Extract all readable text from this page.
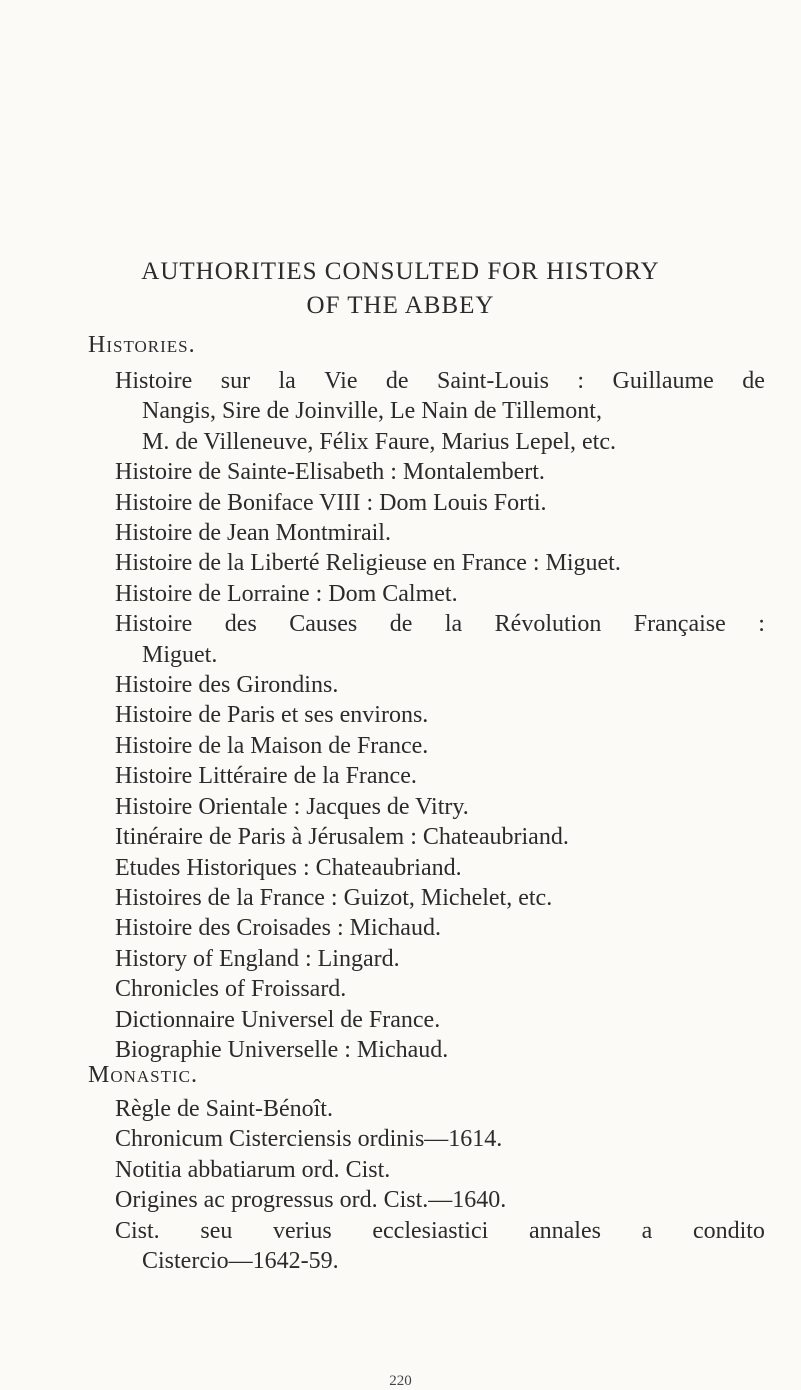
AUTHORITIES CONSULTED FOR HISTORY
OF THE ABBEY
Histories.
Histoire sur la Vie de Saint-Louis : Guillaume de
Nangis, Sire de Joinville, Le Nain de Tillemont,
M. de Villeneuve, Félix Faure, Marius Lepel, etc.
Histoire de Sainte-Elisabeth : Montalembert.
Histoire de Boniface VIII : Dom Louis Forti.
Histoire de Jean Montmirail.
Histoire de la Liberté Religieuse en France : Miguet.
Histoire de Lorraine : Dom Calmet.
Histoire des Causes de la Révolution Française :
Miguet.
Histoire des Girondins.
Histoire de Paris et ses environs.
Histoire de la Maison de France.
Histoire Littéraire de la France.
Histoire Orientale : Jacques de Vitry.
Itinéraire de Paris à Jérusalem : Chateaubriand.
Etudes Historiques : Chateaubriand.
Histoires de la France : Guizot, Michelet, etc.
Histoire des Croisades : Michaud.
History of England : Lingard.
Chronicles of Froissard.
Dictionnaire Universel de France.
Biographie Universelle : Michaud.
Monastic.
Règle de Saint-Bénoît.
Chronicum Cisterciensis ordinis—1614.
Notitia abbatiarum ord. Cist.
Origines ac progressus ord. Cist.—1640.
Cist. seu verius ecclesiastici annales a condito
Cistercio—1642-59.
220
